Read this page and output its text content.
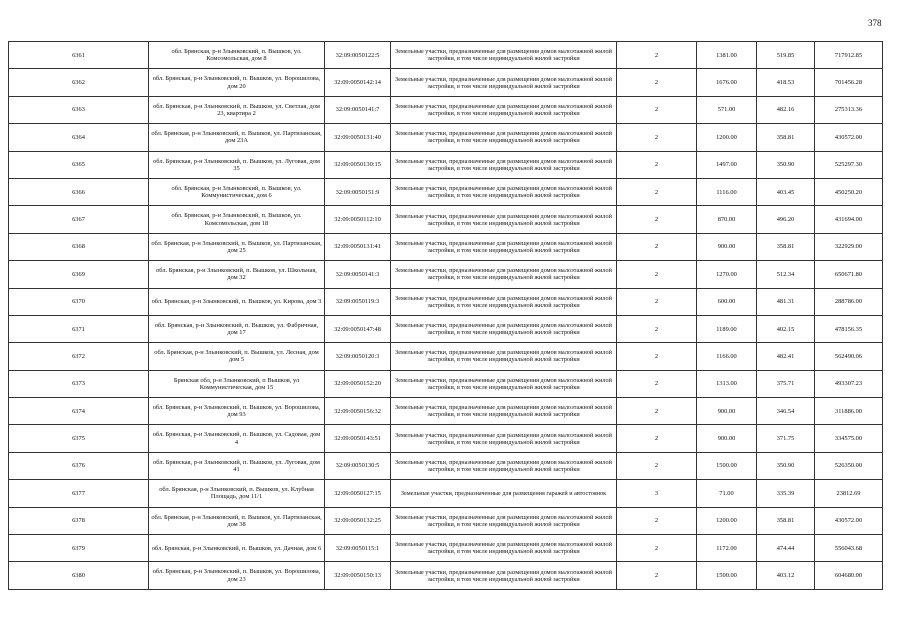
378
6361	обл. Брянская, р-н Злынковский, п. Вышков, ул. Комсомольская, дом 8	32:09:0050122:5	Земельные участки, предназначенные для размещения домов малоэтажной жилой застройки, в том числе индивидуальной жилой застройки	2	1381.00	519.85	717912.85
6362	обл. Брянская, р-н Злынковский, п. Вышков, ул. Ворошилова, дом 20	32:09:0050142:14	Земельные участки, предназначенные для размещения домов малоэтажной жилой застройки, в том числе индивидуальной жилой застройки	2	1676.00	418.53	701456.28
6363	обл. Брянская, р-н Злынковский, п. Вышков, ул. Светлая, дом 23, квартира 2	32:09:0050141:7	Земельные участки, предназначенные для размещения домов малоэтажной жилой застройки, в том числе индивидуальной жилой застройки	2	571.00	482.16	275313.36
6364	обл. Брянская, р-н Злынковский, п. Вышков, ул. Партизанская, дом 23А	32:09:0050131:40	Земельные участки, предназначенные для размещения домов малоэтажной жилой застройки, в том числе индивидуальной жилой застройки	2	1200.00	358.81	430572.00
6365	обл. Брянская, р-н Злынковский, п. Вышков, ул. Луговая, дом 35	32:09:0050130:15	Земельные участки, предназначенные для размещения домов малоэтажной жилой застройки, в том числе индивидуальной жилой застройки	2	1497.00	350.90	525297.30
6366	обл. Брянская, р-н Злынковский, п. Вышков, ул. Коммунистическая, дом 6	32:09:0050151:9	Земельные участки, предназначенные для размещения домов малоэтажной жилой застройки, в том числе индивидуальной жилой застройки	2	1116.00	403.45	450250.20
6367	обл. Брянская, р-н Злынковский, п. Вышков, ул. Комсомольская, дом 18	32:09:0050112:10	Земельные участки, предназначенные для размещения домов малоэтажной жилой застройки, в том числе индивидуальной жилой застройки	2	870.00	496.20	431694.00
6368	обл. Брянская, р-н Злынковский, п. Вышков, ул. Партизанская, дом 25	32:09:0050131:41	Земельные участки, предназначенные для размещения домов малоэтажной жилой застройки, в том числе индивидуальной жилой застройки	2	900.00	358.81	322929.00
6369	обл. Брянская, р-н Злынковский, п. Вышков, ул. Школьная, дом 32	32:09:0050141:3	Земельные участки, предназначенные для размещения домов малоэтажной жилой застройки, в том числе индивидуальной жилой застройки	2	1270.00	512.34	650671.80
6370	обл. Брянская, р-н Злынковский, п. Вышков, ул. Кирова, дом 3	32:09:0050119:3	Земельные участки, предназначенные для размещения домов малоэтажной жилой застройки, в том числе индивидуальной жилой застройки	2	600.00	481.31	288786.00
6371	обл. Брянская, р-н Злынковский, п. Вышков, ул. Фабричная, дом 17	32:09:0050147:48	Земельные участки, предназначенные для размещения домов малоэтажной жилой застройки, в том числе индивидуальной жилой застройки	2	1189.00	402.15	478156.35
6372	обл. Брянская, р-н Злынковский, п. Вышков, ул. Лесная, дом дом 5	32:09:0050120:3	Земельные участки, предназначенные для размещения домов малоэтажной жилой застройки, в том числе индивидуальной жилой застройки	2	1166.00	482.41	562490.06
6373	Брянская обл, р-н Злынковский, п Вышков, ул Коммунистическая, дом 15	32:09:0050152:20	Земельные участки, предназначенные для размещения домов малоэтажной жилой застройки, в том числе индивидуальной жилой застройки	2	1313.00	375.71	493307.23
6374	обл. Брянская, р-н Злынковский, п. Вышков, ул. Ворошилова, дом 93	32:09:0050156:32	Земельные участки, предназначенные для размещения домов малоэтажной жилой застройки, в том числе индивидуальной жилой застройки	2	900.00	346.54	311886.00
6375	обл. Брянская, р-н Злынковский, п. Вышков, ул. Садовая, дом 4	32:09:0050143:51	Земельные участки, предназначенные для размещения домов малоэтажной жилой застройки, в том числе индивидуальной жилой застройки	2	900.00	371.75	334575.00
6376	обл. Брянская, р-н Злынковский, п. Вышков, ул. Луговая, дом 41	32:09:0050130:5	Земельные участки, предназначенные для размещения домов малоэтажной жилой застройки, в том числе индивидуальной жилой застройки	2	1500.00	350.90	526350.00
6377	обл. Брянская, р-н Злынковский, п. Вышков, ул. Клубная Площадь, дом 11/1	32:09:0050127:15	Земельные участки, предназначенные для размещения гаражей и автостоянок	3	71.00	335.39	23812.69
6378	обл. Брянская, р-н Злынковский, п. Вышков, ул. Партизанская, дом 38	32:09:0050132:25	Земельные участки, предназначенные для размещения домов малоэтажной жилой застройки, в том числе индивидуальной жилой застройки	2	1200.00	358.81	430572.00
6379	обл. Брянская, р-н Злынковский, п. Вышков, ул. Дачная, дом 6	32:09:0050115:1	Земельные участки, предназначенные для размещения домов малоэтажной жилой застройки, в том числе индивидуальной жилой застройки	2	1172.00	474.44	556043.68
6380	обл. Брянская, р-н Злынковский, п. Вышков, ул. Ворошилова, дом 23	32:09:0050150:13	Земельные участки, предназначенные для размещения домов малоэтажной жилой застройки, в том числе индивидуальной жилой застройки	2	1500.00	403.12	604680.00
